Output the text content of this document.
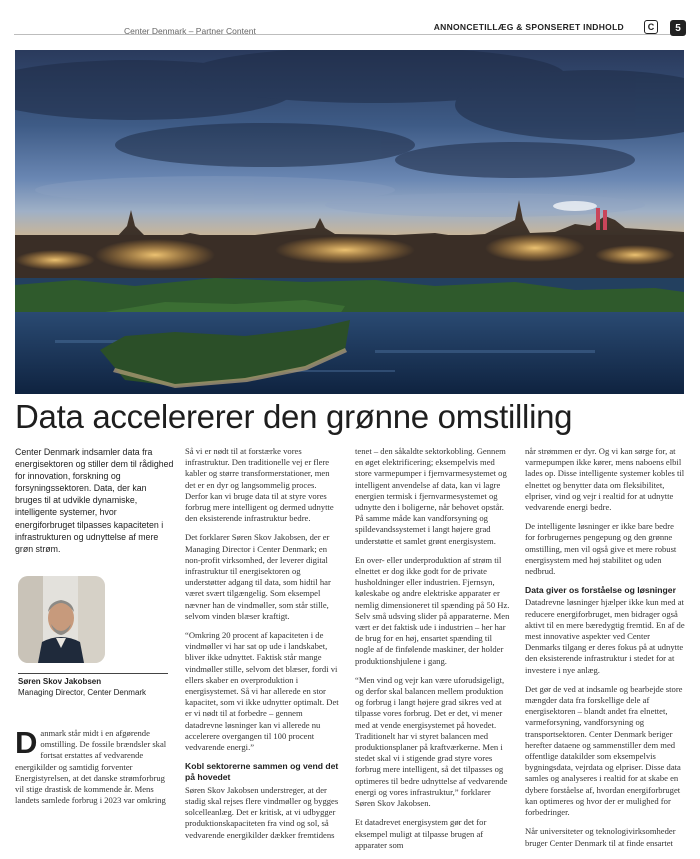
Center Denmark – Partner Content	ANNONCETILLÆG & SPONSERET INDHOLD	C	5
Data accelererer den grønne omstilling
Center Denmark indsamler data fra energisektoren og stiller dem til rådighed for innovation, forskning og forsyningssektoren. Data, der kan bruges til at udvikle dynamiske, intelligente systemer, hvor energiforbruget tilpasses kapaciteten i infrastrukturen og udnyttelse af mere grøn strøm.
Søren Skov Jakobsen
Managing Director, Center Denmark
Danmark står midt i en afgørende omstilling. De fossile brændsler skal fortsat erstattes af vedvarende energikilder og samtidig forventer Energistyrelsen, at det danske strømforbrug vil stige drastisk de kommende år. Mens landets samlede forbrug i 2023 var omkring

Så vi er nødt til at forstærke vores infrastruktur. Den traditionelle vej er flere kabler og større transformerstationer, men det er en dyr og langsommelig proces. Derfor kan vi bruge data til at styre vores forbrug mere intelligent og dermed udnytte den eksisterende infrastruktur bedre.

Det forklarer Søren Skov Jakobsen, der er Managing Director i Center Denmark; en non-profit virksomhed, der leverer digital infrastruktur til energisektoren og understøtter adgang til data, som hidtil har været svært tilgængelig. Som eksempel nævner han de vindmøller, som står stille, selvom vinden blæser kraftigt.

“Omkring 20 procent af kapaciteten i de vindmøller vi har sat op ude i landskabet, bliver ikke udnyttet. Faktisk står mange vindmøller stille, selvom det blæser, fordi vi ellers skaber en overproduktion i energisystemet. Så vi har allerede en stor kapacitet, som vi ikke udnytter optimalt. Det er vi nødt til at forbedre – gennem datadrevne løsninger kan vi allerede nu accelerere overgangen til 100 procent vedvarende energi.”

Kobl sektorerne sammen og vend det på hovedet

Søren Skov Jakobsen understreger, at der stadig skal rejses flere vindmøller og bygges solcelleanlæg. Det er kritisk, at vi udbygger produktionskapaciteten fra vind og sol, så vedvarende energikilder dækker fremtidens

tenet – den såkaldte sektorkobling. Gennem en øget elektrificering; eksempelvis med store varmepumper i fjernvarmesystemet og intelligent anvendelse af data, kan vi lagre energien termisk i fjernvarmesystemet og udnytte den i boligerne, når behovet opstår. På samme måde kan vandforsyning og spildevandssystemet i langt højere grad understøtte et samlet grønt energisystem.

En over- eller underproduktion af strøm til elnettet er dog ikke godt for de private husholdninger eller industrien. Fjernsyn, køleskabe og andre elektriske apparater er nemlig dimensioneret til spænding på 50 Hz. Selv små udsving slider på apparaterne. Men vært er det faktisk ude i industrien – her har de brug for en høj, ensartet spænding til nogle af de finfølende maskiner, der holder produktionshjulene i gang.

“Men vind og vejr kan være uforudsigeligt, og derfor skal balancen mellem produktion og forbrug i langt højere grad sikres ved at tilpasse vores forbrug. Det er det, vi mener med at vende energisystemet på hovedet. Traditionelt har vi styret balancen med produktionsplaner på kraftværkerne. Men i stedet skal vi i stigende grad styre vores forbrug mere intelligent, så det tilpasses og optimeres til bedre udnyttelse af vedvarende energi og vores infrastruktur,” forklarer Søren Skov Jakobsen.

Et datadrevet energisystem gør det for eksempel muligt at tilpasse brugen af apparater som

når strømmen er dyr. Og vi kan sørge for, at varmepumpen ikke kører, mens naboens elbil lades op. Disse intelligente systemer kobles til elnettet og benytter data om fleksibilitet, elpriser, vind og vejr i realtid for at udnytte vedvarende energi bedre.

De intelligente løsninger er ikke bare bedre for forbrugernes pengepung og den grønne omstilling, men vil også give et mere robust energisystem med høj stabilitet og uden nedbrud.

Data giver os forståelse og løsninger

Datadrevne løsninger hjælper ikke kun med at reducere energiforbruget, men bidrager også aktivt til en mere bæredygtig fremtid. En af de mest innovative aspekter ved Center Denmarks tilgang er deres fokus på at udnytte den eksisterende infrastruktur i stedet for at investere i nye anlæg.

Det gør de ved at indsamle og bearbejde store mængder data fra forskellige dele af energisektoren – blandt andet fra elnettet, varmeforsyning, vandforsyning og transportsektoren. Center Denmark beriger herefter dataene og sammenstiller dem med offentlige datakilder som eksempelvis bygningsdata, vejrdata og elpriser. Disse data samles og analyseres i realtid for at skabe en dybere forståelse af, hvordan energiforbruget kan optimeres og hvor der er mulighed for forbedringer.

Når universiteter og teknologivirksomheder bruger Center Denmark til at finde ensartet
